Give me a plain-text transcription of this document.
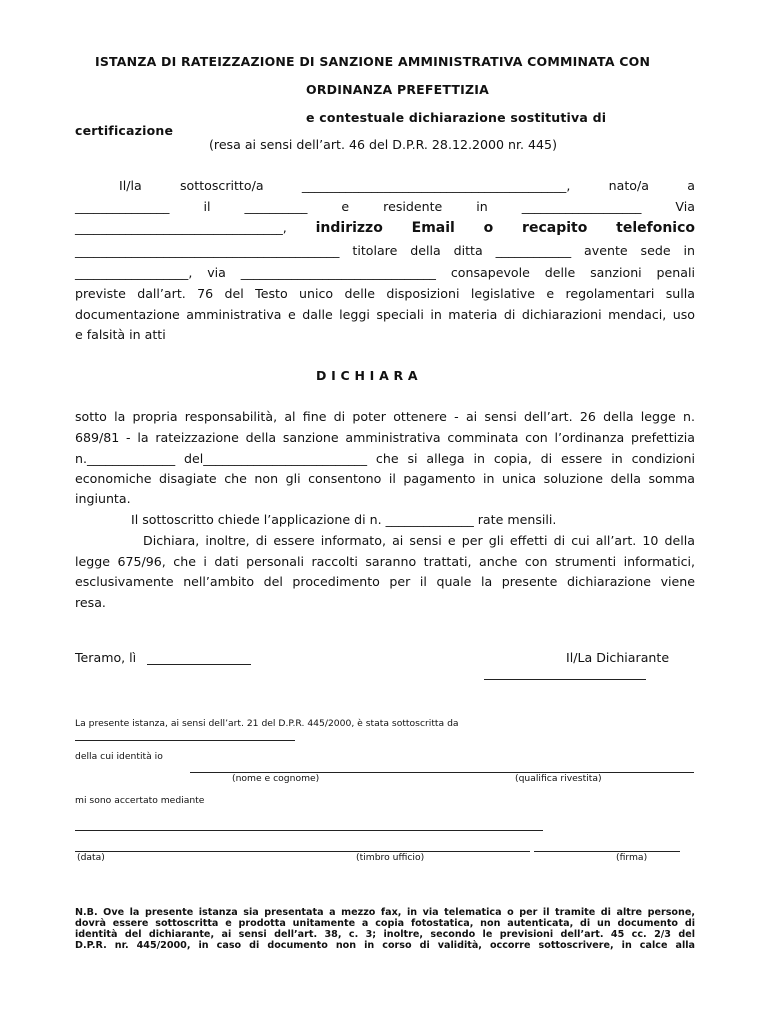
ISTANZA DI RATEIZZAZIONE DI SANZIONE AMMINISTRATIVA COMMINATA CON
ORDINANZA PREFETTIZIA
e contestuale dichiarazione sostitutiva di
certificazione
(resa ai sensi dell’art. 46 del D.P.R. 28.12.2000 nr. 445)
Il/la	sottoscritto/a	__________________________________________,	nato/a	a
_______________	il	__________	e	residente	in	___________________	Via
_________________________________, indirizzo Email o recapito telefonico
__________________________________________ titolare della ditta ____________ avente sede in
__________________, via _______________________________ consapevole delle sanzioni penali
previste dall’art. 76 del Testo unico delle disposizioni legislative e regolamentari sulla
documentazione amministrativa e dalle leggi speciali in materia di dichiarazioni mendaci, uso
e falsità in atti
D I C H I A R A
sotto la propria responsabilità, al fine di poter ottenere - ai sensi dell’art. 26 della legge n.
689/81 - la rateizzazione della sanzione amministrativa comminata con l’ordinanza prefettizia
n.______________ del__________________________ che si allega in copia, di essere in condizioni
economiche disagiate che non gli consentono il pagamento in unica soluzione della somma
ingiunta.
Il sottoscritto chiede l’applicazione di n. ______________ rate mensili.
Dichiara, inoltre, di essere informato, ai sensi e per gli effetti di cui all’art. 10 della
legge 675/96, che i dati personali raccolti saranno trattati, anche con strumenti informatici,
esclusivamente nell’ambito del procedimento per il quale la presente dichiarazione viene
resa.
Teramo, lì	Il/La Dichiarante
La presente istanza, ai sensi dell’art. 21 del D.P.R. 445/2000, è stata sottoscritta da
della cui identità io
(nome e cognome)	(qualifica rivestita)
mi sono accertato mediante
(data)	(timbro ufficio)	(firma)
N.B. Ove la presente istanza sia presentata a mezzo fax, in via telematica o per il tramite di altre persone,
dovrà essere sottoscritta e prodotta unitamente a copia fotostatica, non autenticata, di un documento di
identità del dichiarante, ai sensi dell’art. 38, c. 3; inoltre, secondo le previsioni dell’art. 45 cc. 2/3 del
D.P.R. nr. 445/2000, in caso di documento non in corso di validità, occorre sottoscrivere, in calce alla
